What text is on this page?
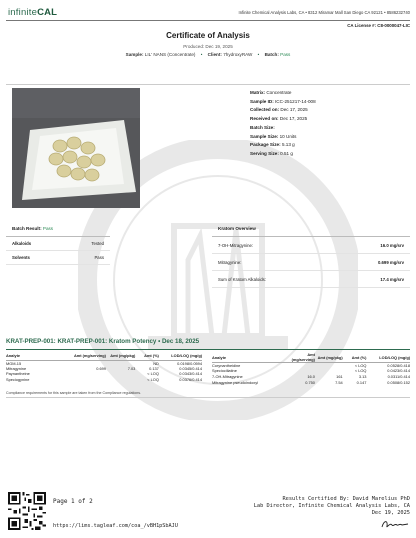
infiniteCAL	Infinite Chemical Analysis Labs, CA • 8312 Miramar Mall San Diego CA 92121 • 8586232740
CA License #: C8-0000047-LIC
Certificate of Analysis
Produced: Dec 19, 2025
Sample: LIL' NANS (Concentrate) • Client: 7hydroxyRAW • Batch: Pass
Matrix: Concentrate
Sample ID: ICC-251217-14-008
Collected on: Dec 17, 2025
Received on: Dec 17, 2025
Batch Size:
Sample Size: 10 Units
Package Size: 5.13 g
Serving Size: 0.51 g
Batch Result: Pass
Alkaloids	Tested
Solvents	Pass
Kratom Overview
7-OH-Mitragynine:	16.0 mg/srv
Mitragynine:	0.699 mg/srv
Sum of Kratom Alkaloids:	17.4 mg/srv
KRAT-PREP-001: KRAT-PREP-001: Kratom Potency • Dec 18, 2025
Analyte	Amt (mg/serving)	Amt (mg/pkg)	Amt (%)	LOD/LOQ (mg/g)
MGM-15			ND	0.0198/0.0594
Mitragynine	0.699	7.03	0.137	0.0345/0.414
Paynantheine			< LOQ	0.0343/0.414
Speciogynine			< LOQ	0.0376/0.414
Analyte	Amt (mg/serving)	Amt (mg/pkg)	Amt (%)	LOD/LOQ (mg/g)
Corynantheidine			< LOQ	0.0528/0.418
Speciociliatine			< LOQ	0.0423/0.414
7-OH-Mitragynine	16.0	161	3.13	0.0311/0.414
Mitragynine pseudoindoxyl	0.750	7.54	0.147	0.0508/0.152
Compliance requirements for this sample are taken from the Compliance regulations.
Page 1 of 2
https://lims.tagleaf.com/coa_/vBH1pSbAJU
Results Certified By: David Marelius PhD
Lab Director, Infinite Chemical Analysis Labs, CA
Dec 19, 2025
